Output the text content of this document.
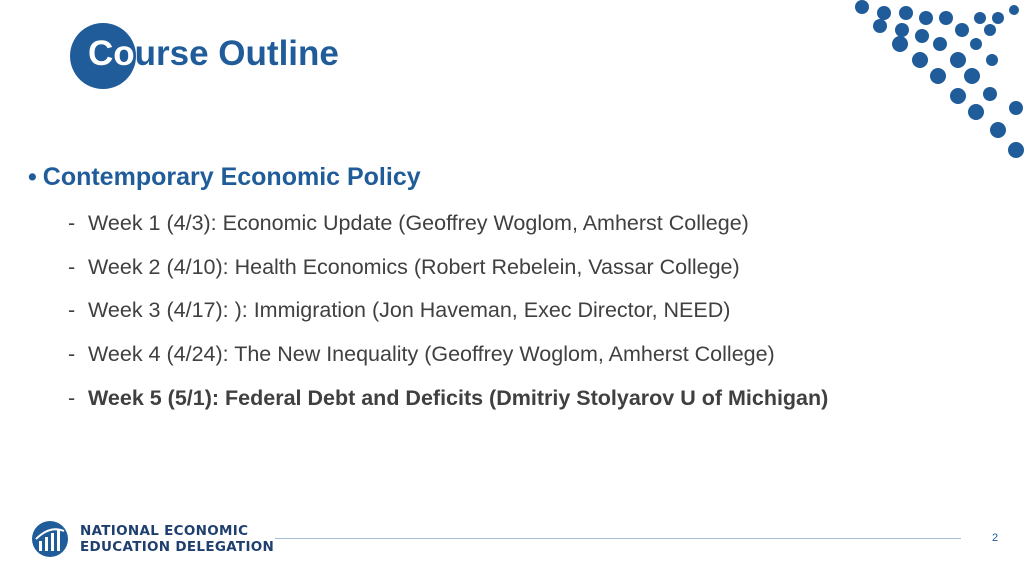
Course Outline
• Contemporary Economic Policy
- Week 1 (4/3): Economic Update (Geoffrey Woglom, Amherst College)
- Week 2 (4/10): Health Economics (Robert Rebelein, Vassar College)
- Week 3 (4/17): ): Immigration (Jon Haveman, Exec Director, NEED)
- Week 4 (4/24): The New Inequality (Geoffrey Woglom, Amherst College)
- Week 5 (5/1): Federal Debt and Deficits (Dmitriy Stolyarov U of Michigan)
NATIONAL ECONOMIC
EDUCATION DELEGATION
2
